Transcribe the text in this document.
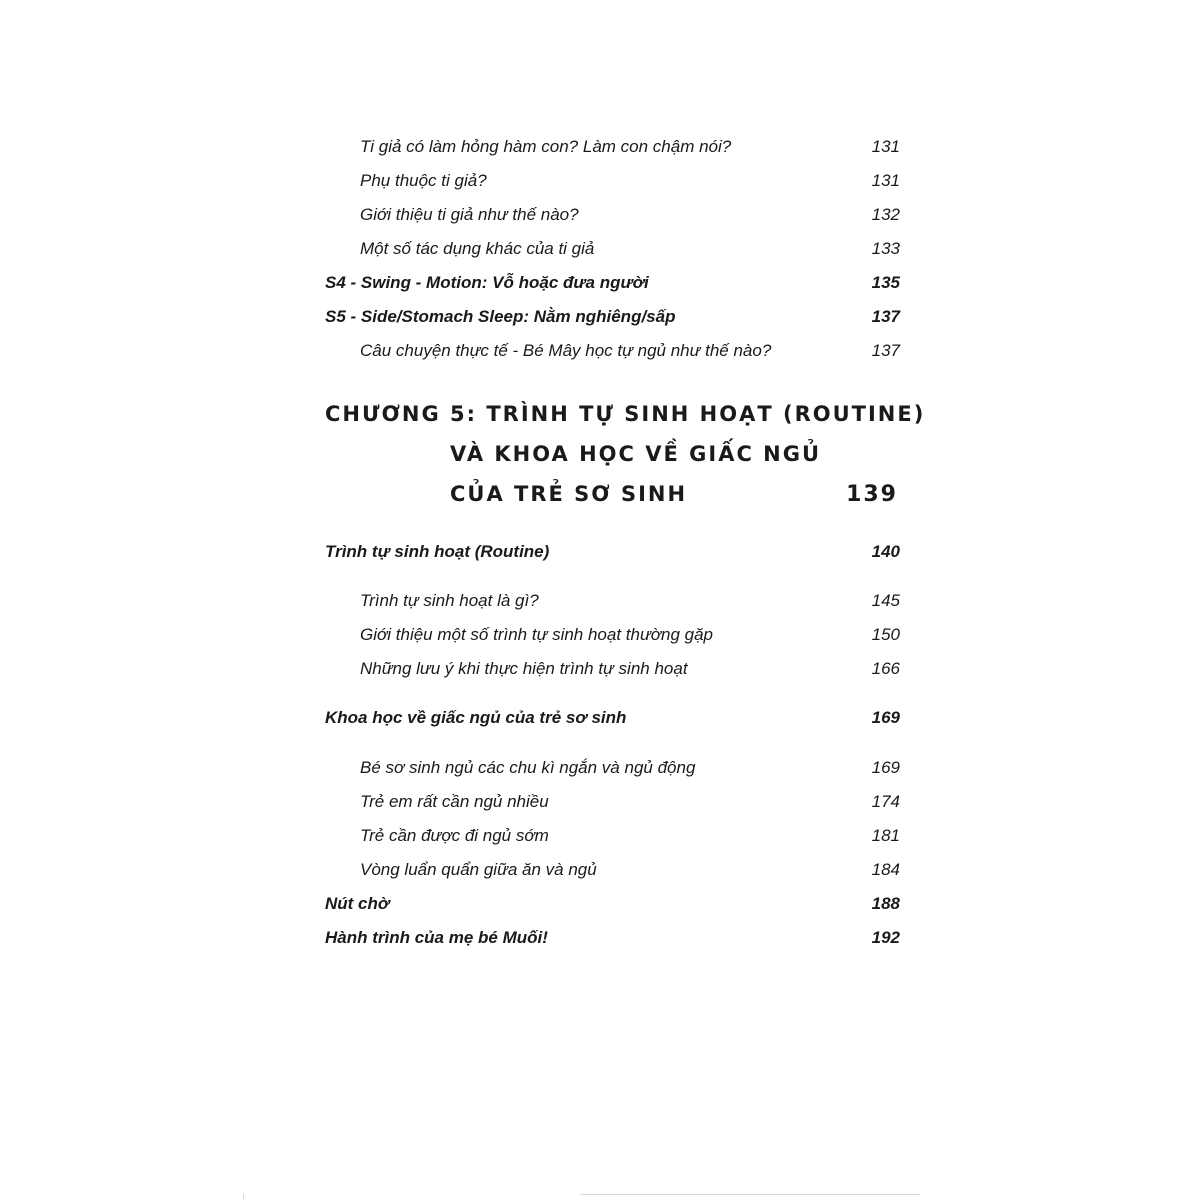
Ti giả có làm hỏng hàm con? Làm con chậm nói?	131
Phụ thuộc ti giả?	131
Giới thiệu ti giả như thế nào?	132
Một số tác dụng khác của ti giả	133
S4 - Swing - Motion: Vỗ hoặc đưa người	135
S5 - Side/Stomach Sleep: Nằm nghiêng/sấp	137
Câu chuyện thực tế - Bé Mây học tự ngủ như thế nào?	137
CHƯƠNG 5: TRÌNH TỰ SINH HOẠT (ROUTINE)
VÀ KHOA HỌC VỀ GIẤC NGỦ
CỦA TRẺ SƠ SINH	139
Trình tự sinh hoạt (Routine)	140
Trình tự sinh hoạt là gì?	145
Giới thiệu một số trình tự sinh hoạt thường gặp	150
Những lưu ý khi thực hiện trình tự sinh hoạt	166
Khoa học về giấc ngủ của trẻ sơ sinh	169
Bé sơ sinh ngủ các chu kì ngắn và ngủ động	169
Trẻ em rất cần ngủ nhiều	174
Trẻ cần được đi ngủ sớm	181
Vòng luẩn quẩn giữa ăn và ngủ	184
Nút chờ	188
Hành trình của mẹ bé Muối!	192
